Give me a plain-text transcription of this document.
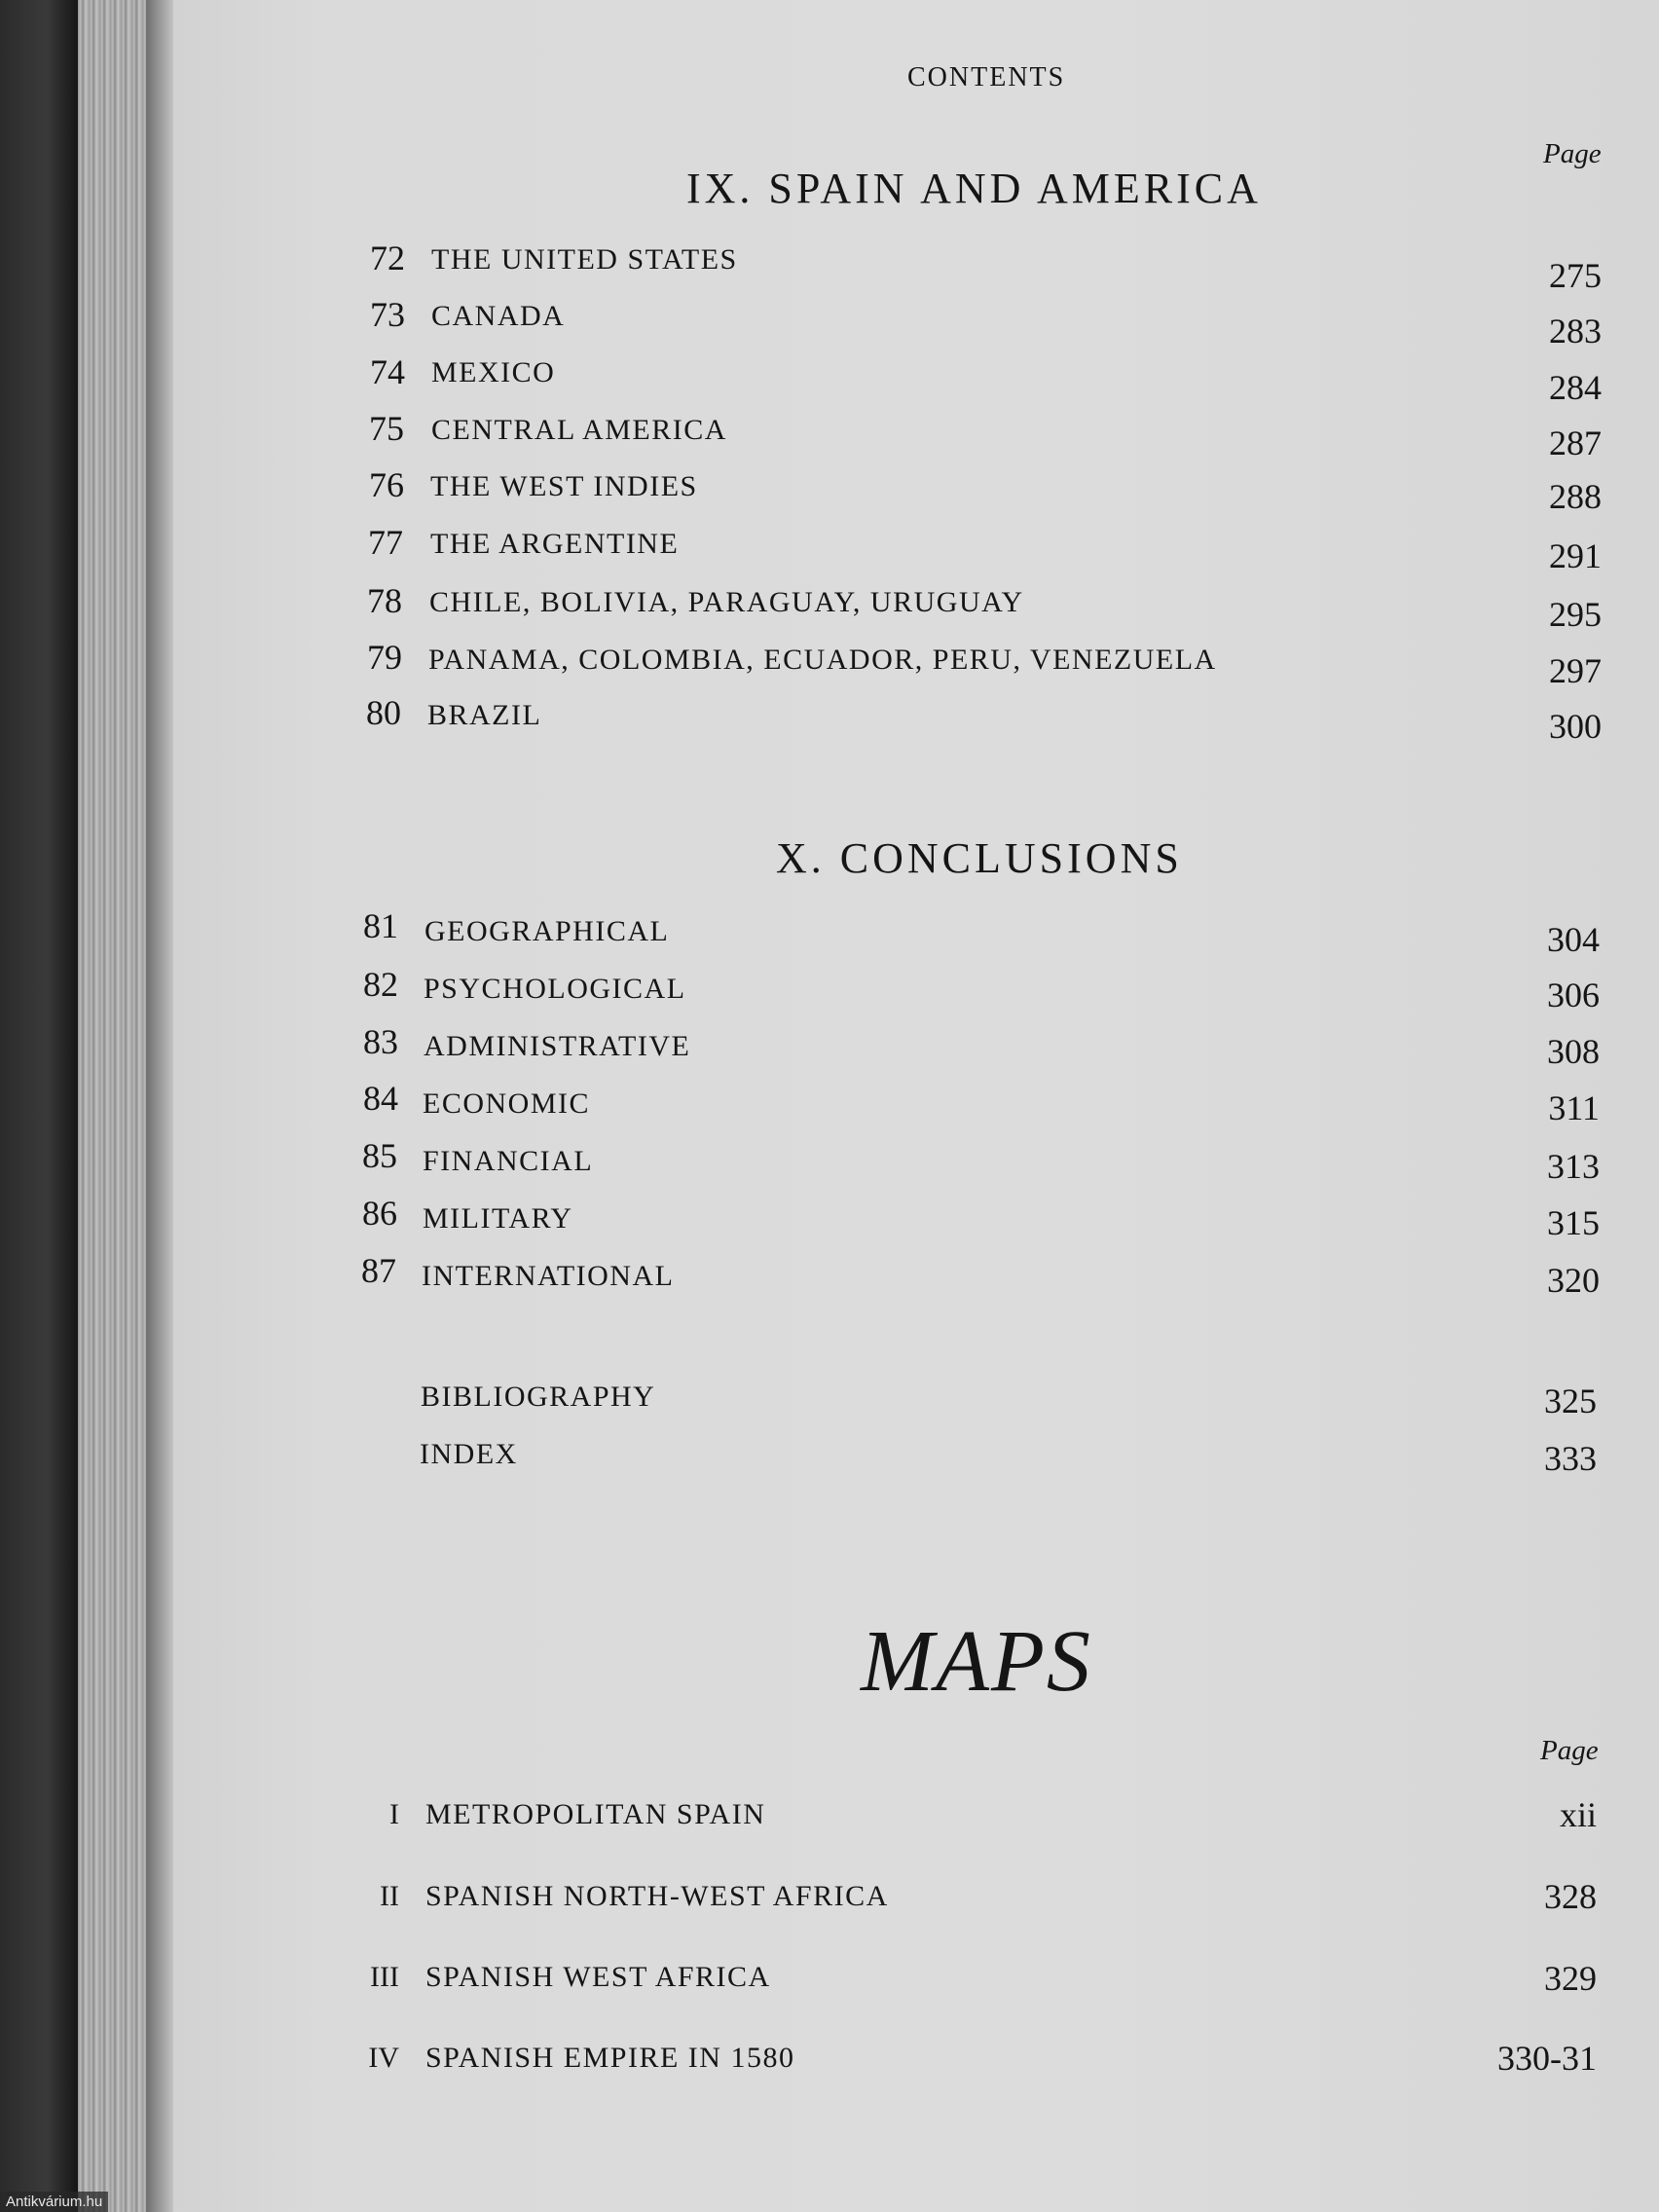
CONTENTS
Page
IX. SPAIN AND AMERICA
72 THE UNITED STATES	275
73 CANADA	283
74 MEXICO	284
75 CENTRAL AMERICA	287
76 THE WEST INDIES	288
77 THE ARGENTINE	291
78 CHILE, BOLIVIA, PARAGUAY, URUGUAY	295
79 PANAMA, COLOMBIA, ECUADOR, PERU, VENEZUELA	297
80 BRAZIL	300
X. CONCLUSIONS
81 GEOGRAPHICAL	304
82 PSYCHOLOGICAL	306
83 ADMINISTRATIVE	308
84 ECONOMIC	311
85 FINANCIAL	313
86 MILITARY	315
87 INTERNATIONAL	320
BIBLIOGRAPHY	325
INDEX	333
MAPS
Page
I METROPOLITAN SPAIN	xii
II SPANISH NORTH-WEST AFRICA	328
III SPANISH WEST AFRICA	329
IV SPANISH EMPIRE IN 1580	330-31
Antikvárium.hu
